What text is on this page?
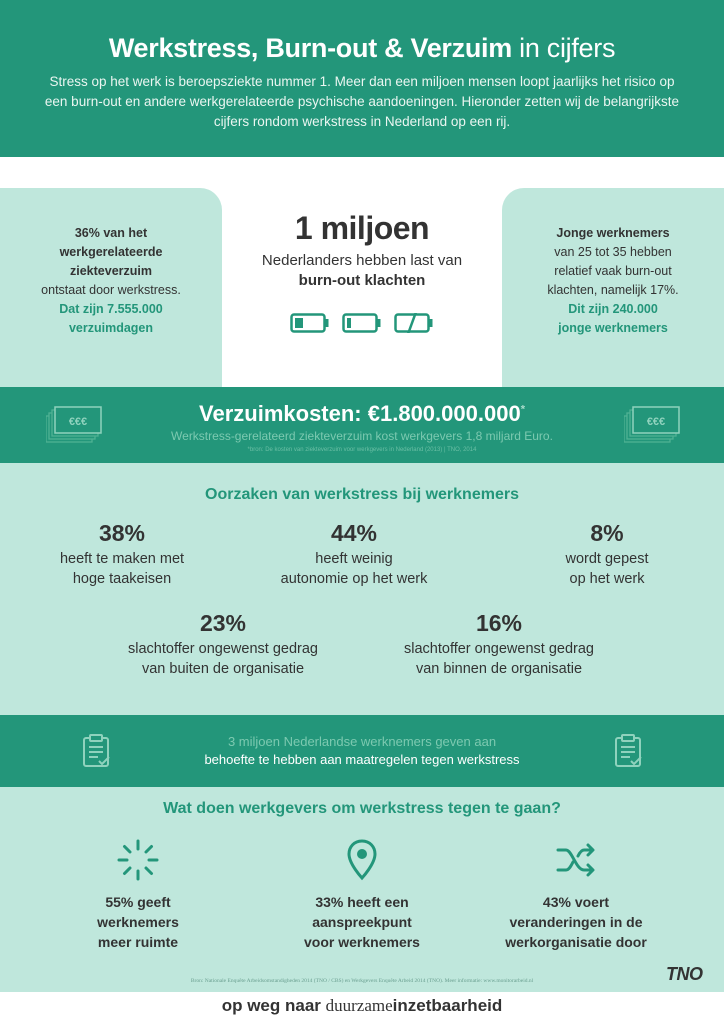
Werkstress, Burn-out & Verzuim in cijfers

Stress op het werk is beroepsziekte nummer 1. Meer dan een miljoen mensen loopt jaarlijks het risico op een burn-out en andere werkgerelateerde psychische aandoeningen. Hieronder zetten wij de belangrijkste cijfers rondom werkstress in Nederland op een rij.

36% van het
werkgerelateerde
ziekteverzuim
ontstaat door werkstress.
Dat zijn 7.555.000
verzuimdagen
1 miljoen
Nederlanders hebben last van
burn-out klachten
Jonge werknemers
van 25 tot 35 hebben
relatief vaak burn-out
klachten, namelijk 17%.
Dit zijn 240.000
jonge werknemers
Verzuimkosten: €1.800.000.000*
Werkstress-gerelateerd ziekteverzuim kost werkgevers 1,8 miljard Euro.
*bron: De kosten van ziekteverzuim voor werkgevers in Nederland (2013) | TNO, 2014
€€€	€€€
Oorzaken van werkstress bij werknemers
38%
heeft te maken met
hoge taakeisen
44%
heeft weinig
autonomie op het werk
8%
wordt gepest
op het werk
23%
slachtoffer ongewenst gedrag
van buiten de organisatie
16%
slachtoffer ongewenst gedrag
van binnen de organisatie
3 miljoen Nederlandse werknemers geven aan
behoefte te hebben aan maatregelen tegen werkstress
Wat doen werkgevers om werkstress tegen te gaan?
55% geeft
werknemers
meer ruimte
33% heeft een
aanspreekpunt
voor werknemers
43% voert
veranderingen in de
werkorganisatie door
Bron: Nationale Enquête Arbeidsomstandigheden 2014 (TNO / CBS) en Werkgevers Enquête Arbeid 2014 (TNO). Meer informatie: www.monitorarbeid.nl	TNO
op weg naar duurzameinzetbaarheid
